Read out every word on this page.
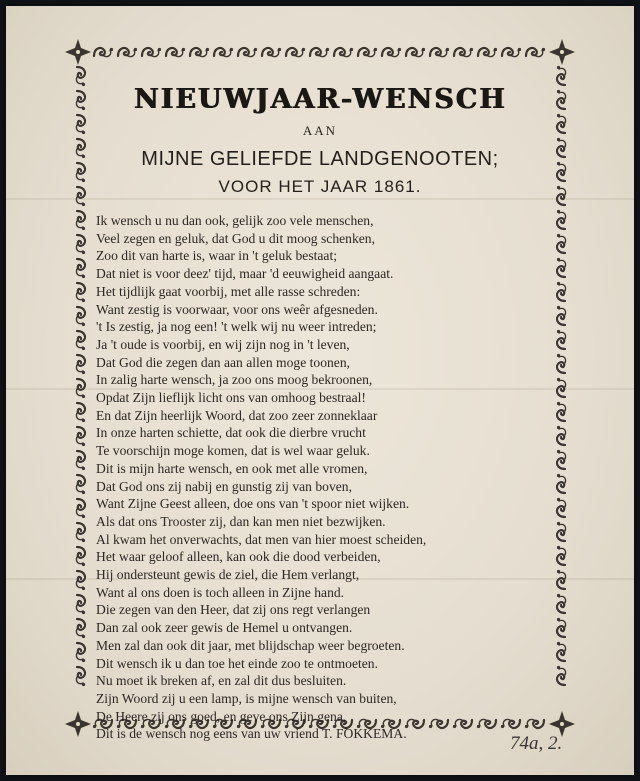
NIEUWJAAR-WENSCH
AAN
MIJNE GELIEFDE LANDGENOOTEN;
VOOR HET JAAR 1861.
Ik wensch u nu dan ook, gelijk zoo vele menschen,
Veel zegen en geluk, dat God u dit moog schenken,
Zoo dit van harte is, waar in 't geluk bestaat;
Dat niet is voor deez' tijd, maar 'd eeuwigheid aangaat.
Het tijdlijk gaat voorbij, met alle rasse schreden:
Want zestig is voorwaar, voor ons weêr afgesneden.
't Is zestig, ja nog een! 't welk wij nu weer intreden;
Ja 't oude is voorbij, en wij zijn nog in 't leven,
Dat God die zegen dan aan allen moge toonen,
In zalig harte wensch, ja zoo ons moog bekroonen,
Opdat Zijn lieflijk licht ons van omhoog bestraal!
En dat Zijn heerlijk Woord, dat zoo zeer zonneklaar
In onze harten schiette, dat ook die dierbre vrucht
Te voorschijn moge komen, dat is wel waar geluk.
Dit is mijn harte wensch, en ook met alle vromen,
Dat God ons zij nabij en gunstig zij van boven,
Want Zijne Geest alleen, doe ons van 't spoor niet wijken.
Als dat ons Trooster zij, dan kan men niet bezwijken.
Al kwam het onverwachts, dat men van hier moest scheiden,
Het waar geloof alleen, kan ook die dood verbeiden,
Hij ondersteunt gewis de ziel, die Hem verlangt,
Want al ons doen is toch alleen in Zijne hand.
Die zegen van den Heer, dat zij ons regt verlangen
Dan zal ook zeer gewis de Hemel u ontvangen.
Men zal dan ook dit jaar, met blijdschap weer begroeten.
Dit wensch ik u dan toe het einde zoo te ontmoeten.
Nu moet ik breken af, en zal dit dus besluiten.
Zijn Woord zij u een lamp, is mijne wensch van buiten,
De Heere zij ons goed, en geve ons Zijn gena,
Dit is de wensch nog eens van uw vriend T. FOKKEMA.	74a, 2.
